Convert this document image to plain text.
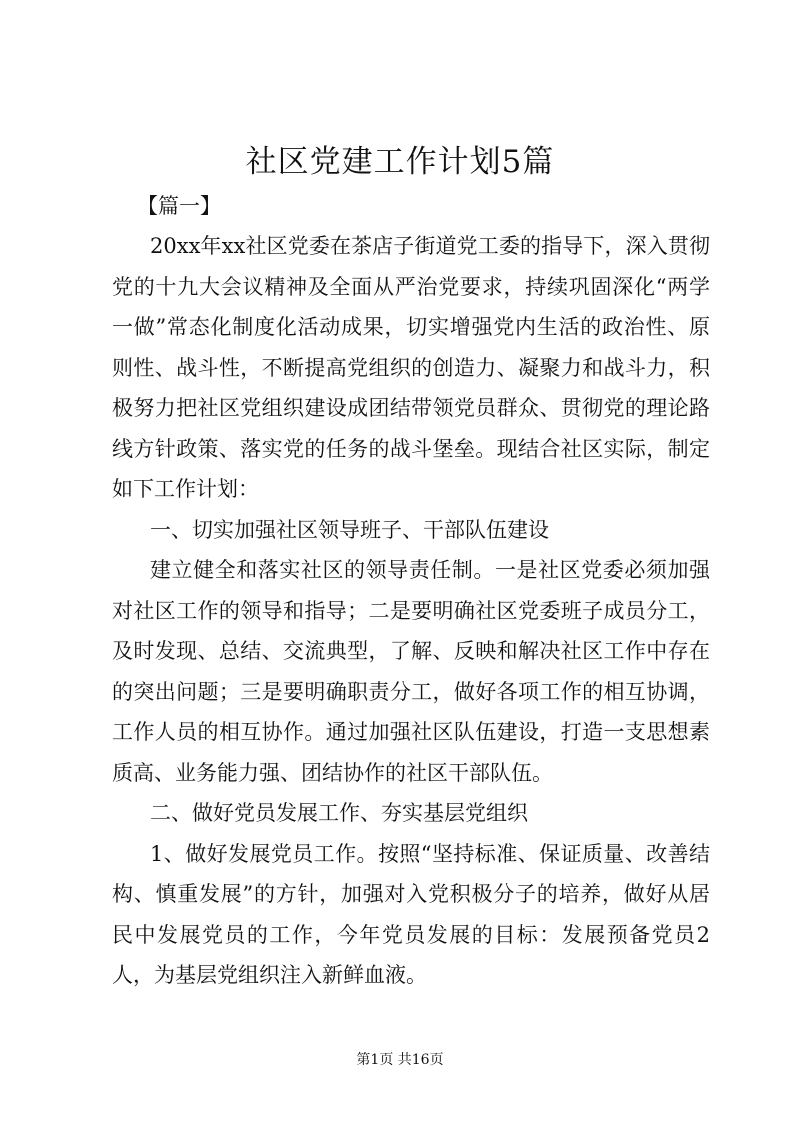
社区党建工作计划5篇
【篇一】

20xx年xx社区党委在茶店子街道党工委的指导下，深入贯彻党的十九大会议精神及全面从严治党要求，持续巩固深化“两学一做”常态化制度化活动成果，切实增强党内生活的政治性、原则性、战斗性，不断提高党组织的创造力、凝聚力和战斗力，积极努力把社区党组织建设成团结带领党员群众、贯彻党的理论路线方针政策、落实党的任务的战斗堡垒。现结合社区实际，制定如下工作计划：

一、切实加强社区领导班子、干部队伍建设

建立健全和落实社区的领导责任制。一是社区党委必须加强对社区工作的领导和指导；二是要明确社区党委班子成员分工，及时发现、总结、交流典型，了解、反映和解决社区工作中存在的突出问题；三是要明确职责分工，做好各项工作的相互协调，工作人员的相互协作。通过加强社区队伍建设，打造一支思想素质高、业务能力强、团结协作的社区干部队伍。

二、做好党员发展工作、夯实基层党组织

1、做好发展党员工作。按照“坚持标准、保证质量、改善结构、慎重发展”的方针，加强对入党积极分子的培养，做好从居民中发展党员的工作，今年党员发展的目标：发展预备党员2人，为基层党组织注入新鲜血液。

第1页 共16页
